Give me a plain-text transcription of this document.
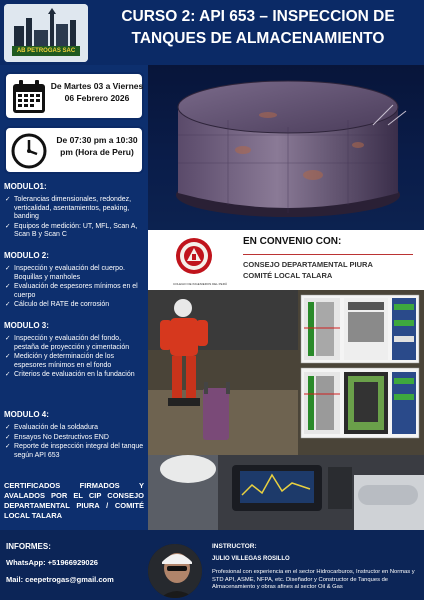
AB PETROGAS SAC
CURSO 2: API 653 – INSPECCION DE
TANQUES DE ALMACENAMIENTO
De Martes 03 a Viernes 06 Febrero 2026
De 07:30 pm a 10:30 pm (Hora de Peru)
MODULO1:
✓ Tolerancias dimensionales, redondez, verticalidad, asentamientos, peaking, banding
✓ Equipos de medición: UT, MFL, Scan A, Scan B y Scan C
MODULO 2:
✓ Inspección y evaluación del cuerpo. Boquillas y manholes
✓ Evaluación de espesores mínimos en el cuerpo
✓ Cálculo del RATE de corrosión
MODULO 3:
✓ Inspección y evaluación del fondo, pestaña de proyección y cimentación
✓ Medición y determinación de los espesores mínimos en el fondo
✓ Criterios de evaluación en la fundación
MODULO 4:
✓ Evaluación de la soldadura
✓ Ensayos No Destructivos END
✓ Reporte de inspección integral del tanque según API 653
CERTIFICADOS FIRMADOS Y AVALADOS POR EL CIP CONSEJO DEPARTAMENTAL PIURA / COMITÉ LOCAL TALARA
COLEGIO DE INGENIEROS DEL PERÚ
EN CONVENIO CON:
CONSEJO DEPARTAMENTAL PIURA
COMITÉ LOCAL TALARA
INFORMES:
WhatsApp: +51966929026
Mail: ceepetrogas@gmail.com
INSTRUCTOR:
JULIO VILLEGAS ROSILLO
Profesional con experiencia en el sector Hidrocarburos, Instructor en Normas y STD API, ASME, NFPA, etc. Diseñador y Constructor de Tanques de Almacenamiento y obras afines al sector Oil & Gas
